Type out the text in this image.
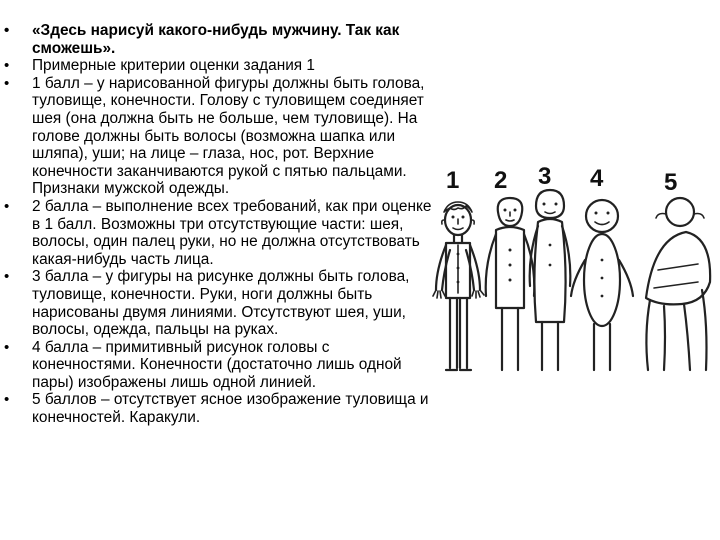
• «Здесь нарисуй какого-нибудь мужчину. Так как сможешь».
• Примерные критерии оценки задания 1
• 1 балл – у нарисованной фигуры должны быть голова, туловище, конечности. Голову с туловищем соединяет шея (она должна быть не больше, чем туловище). На голове должны быть волосы (возможна шапка или шляпа), уши; на лице – глаза, нос, рот. Верхние конечности заканчиваются рукой с пятью пальцами. Признаки мужской одежды.
• 2 балла – выполнение всех требований, как при оценке в 1 балл. Возможны три отсутствующие части: шея, волосы, один палец руки, но не должна отсутствовать какая-нибудь часть лица.
• 3 балла – у фигуры на рисунке должны быть голова, туловище, конечности. Руки, ноги должны быть нарисованы двумя линиями. Отсутствуют шея, уши, волосы, одежда, пальцы на руках.
• 4 балла – примитивный рисунок головы с конечностями. Конечности (достаточно лишь одной пары) изображены лишь одной линией.
• 5 баллов – отсутствует ясное изображение туловища и конечностей. Каракули.
1 2 3 4	5
